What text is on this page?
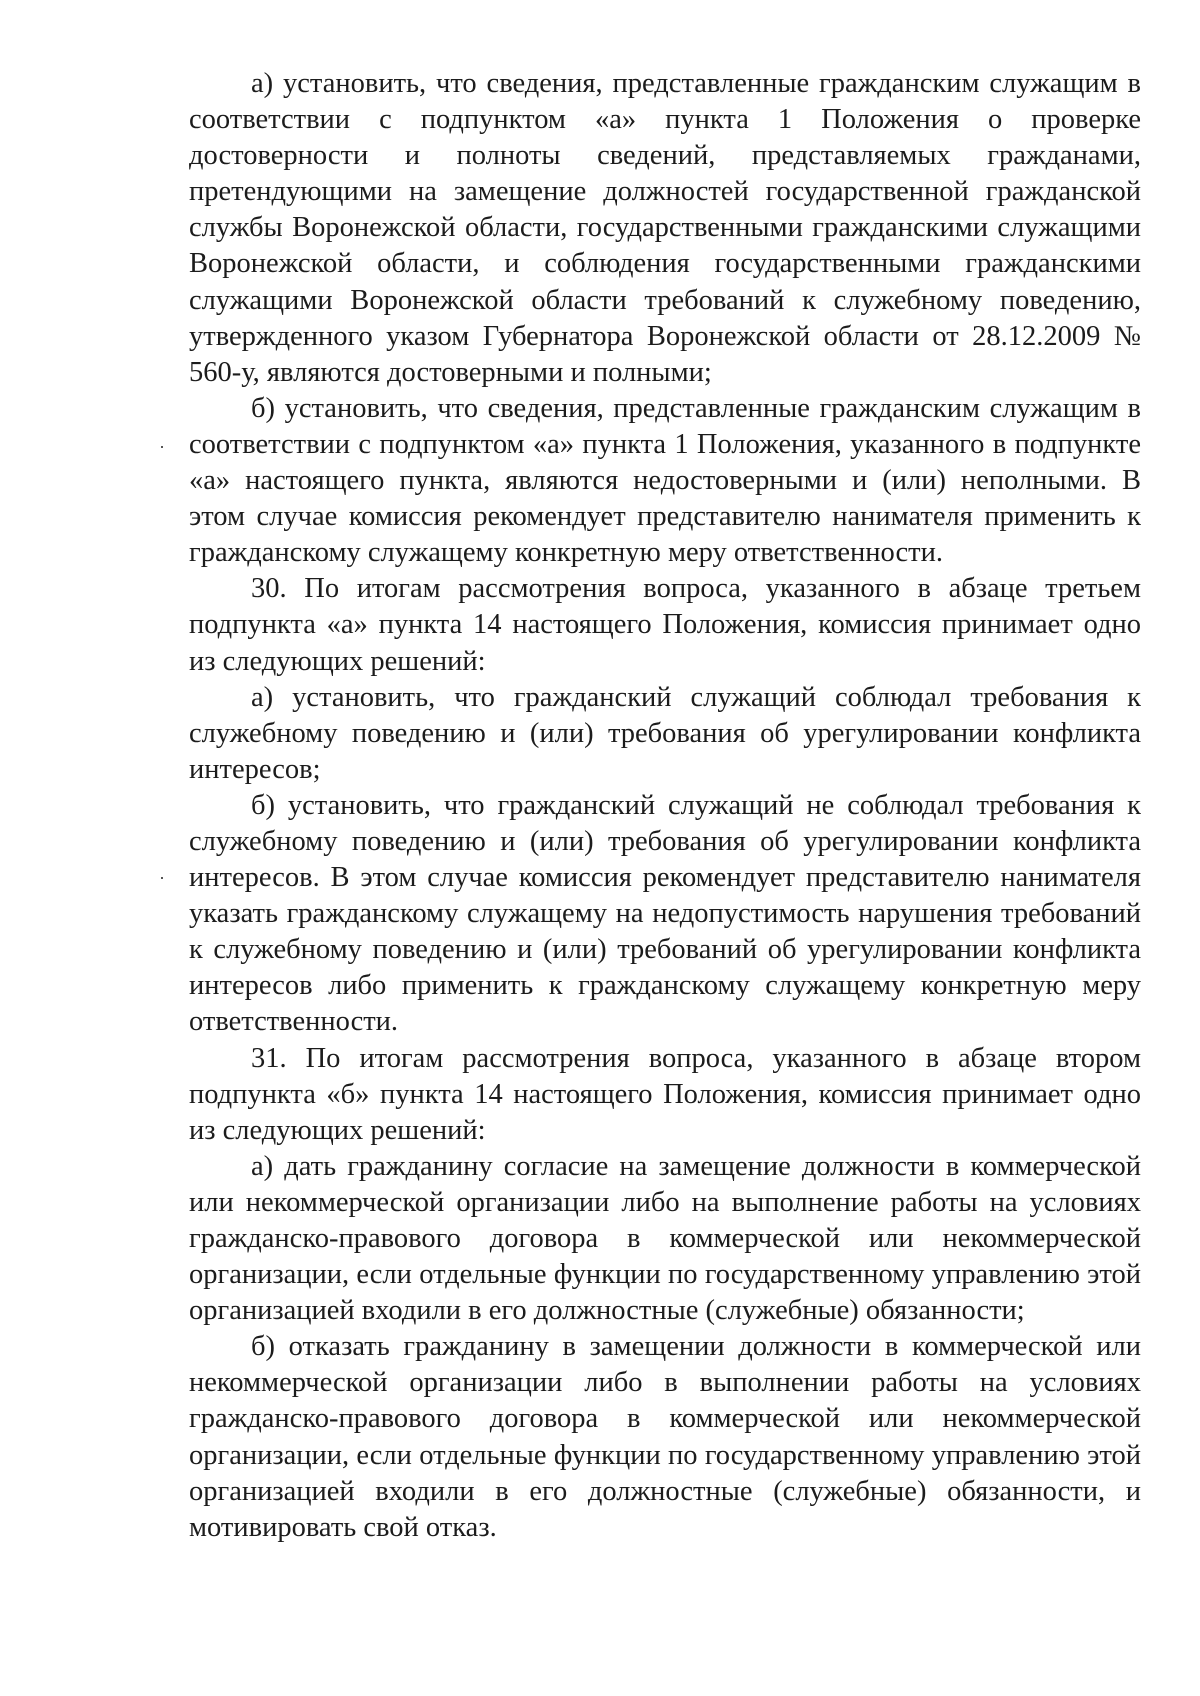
а) установить, что сведения, представленные гражданским служащим в соответствии с подпунктом «а» пункта 1 Положения о проверке достоверности и полноты сведений, представляемых гражданами, претендующими на замещение должностей государственной гражданской службы Воронежской области, государственными гражданскими служащими Воронежской области, и соблюдения государственными гражданскими служащими Воронежской области требований к служебному поведению, утвержденного указом Губернатора Воронежской области от 28.12.2009 № 560-у, являются достоверными и полными;

б) установить, что сведения, представленные гражданским служащим в соответствии с подпунктом «а» пункта 1 Положения, указанного в подпункте «а» настоящего пункта, являются недостоверными и (или) неполными. В этом случае комиссия рекомендует представителю нанимателя применить к гражданскому служащему конкретную меру ответственности.

30. По итогам рассмотрения вопроса, указанного в абзаце третьем подпункта «а» пункта 14 настоящего Положения, комиссия принимает одно из следующих решений:

а) установить, что гражданский служащий соблюдал требования к служебному поведению и (или) требования об урегулировании конфликта интересов;

б) установить, что гражданский служащий не соблюдал требования к служебному поведению и (или) требования об урегулировании конфликта интересов. В этом случае комиссия рекомендует представителю нанимателя указать гражданскому служащему на недопустимость нарушения требований к служебному поведению и (или) требований об урегулировании конфликта интересов либо применить к гражданскому служащему конкретную меру ответственности.

31. По итогам рассмотрения вопроса, указанного в абзаце втором подпункта «б» пункта 14 настоящего Положения, комиссия принимает одно из следующих решений:

а) дать гражданину согласие на замещение должности в коммерческой или некоммерческой организации либо на выполнение работы на условиях гражданско-правового договора в коммерческой или некоммерческой организации, если отдельные функции по государственному управлению этой организацией входили в его должностные (служебные) обязанности;

б) отказать гражданину в замещении должности в коммерческой или некоммерческой организации либо в выполнении работы на условиях гражданско-правового договора в коммерческой или некоммерческой организации, если отдельные функции по государственному управлению этой организацией входили в его должностные (служебные) обязанности, и мотивировать свой отказ.
